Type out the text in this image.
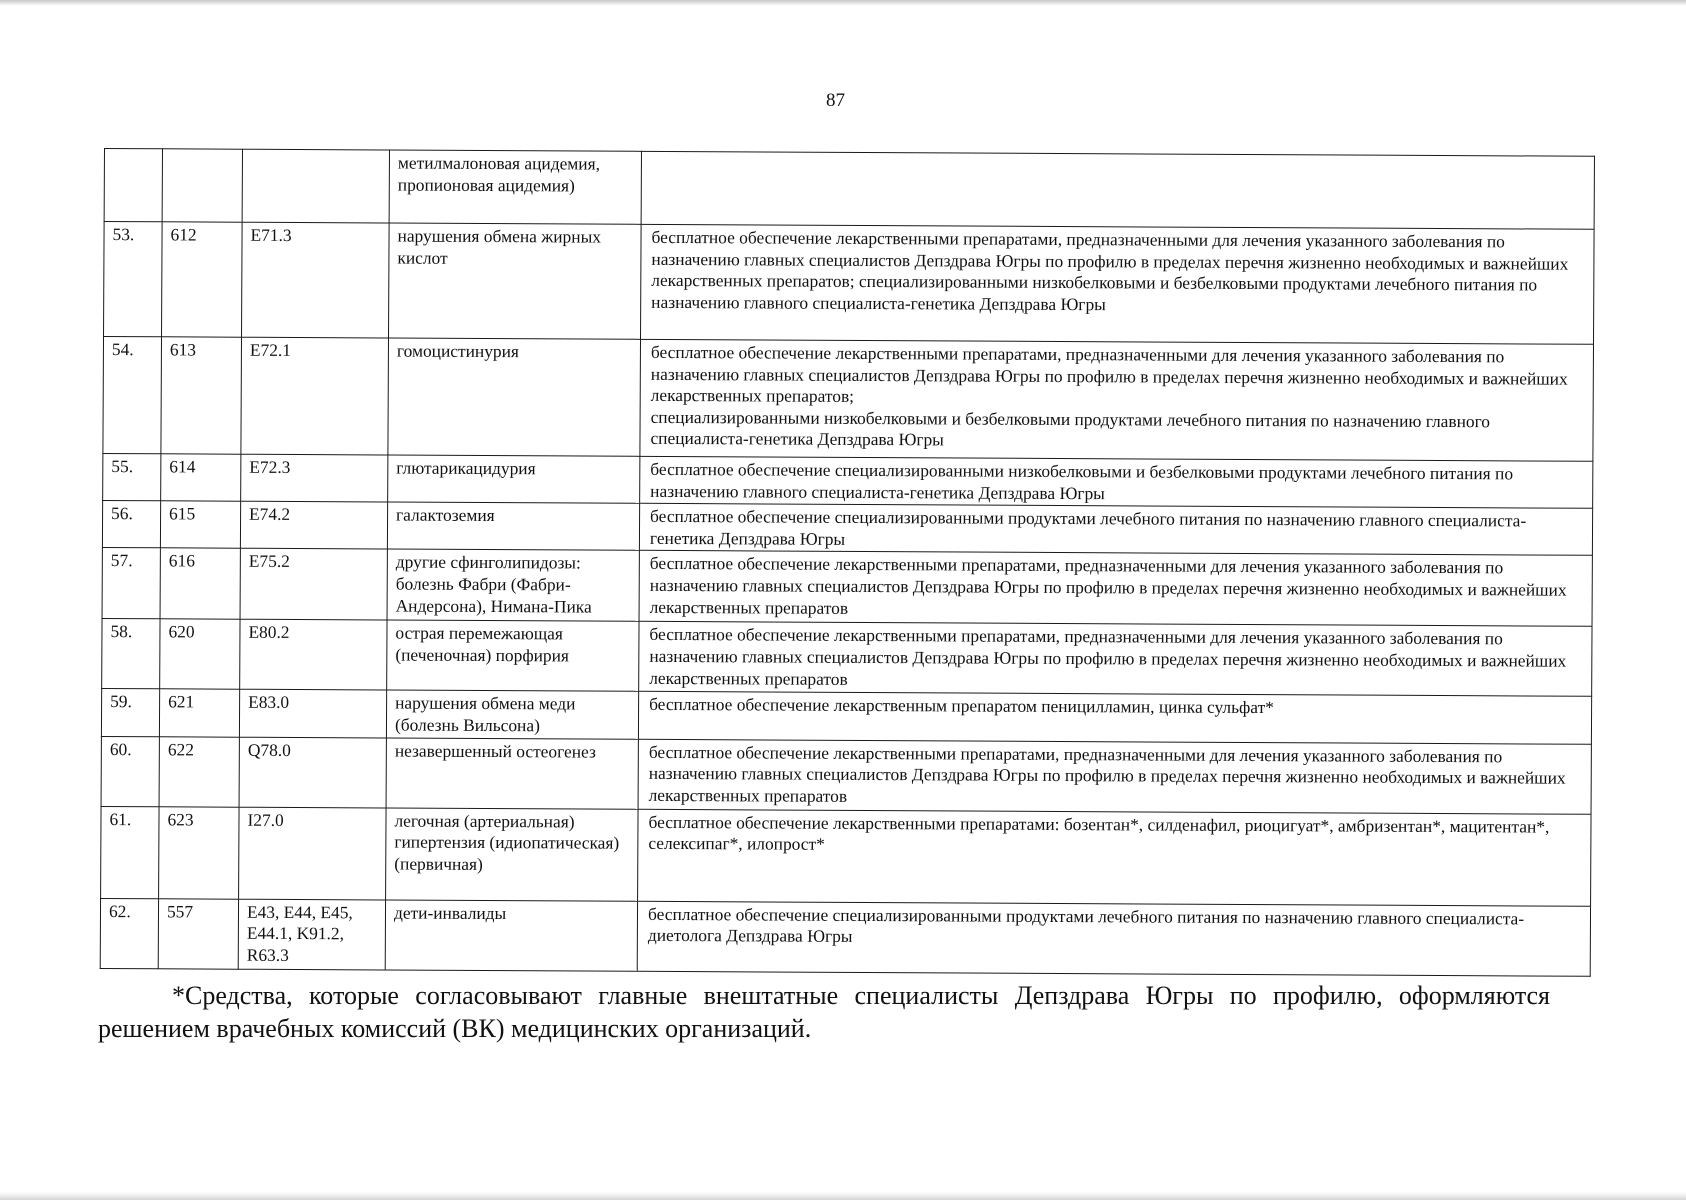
87
			метилмалоновая ацидемия, пропионовая ацидемия)	
53.	612	E71.3	нарушения обмена жирных кислот	бесплатное обеспечение лекарственными препаратами, предназначенными для лечения указанного заболевания по назначению главных специалистов Депздрава Югры по профилю в пределах перечня жизненно необходимых и важнейших лекарственных препаратов; специализированными низкобелковыми и безбелковыми продуктами лечебного питания по назначению главного специалиста-генетика Депздрава Югры
54.	613	E72.1	гомоцистинурия	бесплатное обеспечение лекарственными препаратами, предназначенными для лечения указанного заболевания по назначению главных специалистов Депздрава Югры по профилю в пределах перечня жизненно необходимых и важнейших лекарственных препаратов;
специализированными низкобелковыми и безбелковыми продуктами лечебного питания по назначению главного специалиста-генетика Депздрава Югры
55.	614	E72.3	глютарикацидурия	бесплатное обеспечение специализированными низкобелковыми и безбелковыми продуктами лечебного питания по назначению главного специалиста-генетика Депздрава Югры
56.	615	E74.2	галактоземия	бесплатное обеспечение специализированными продуктами лечебного питания по назначению главного специалиста-генетика Депздрава Югры
57.	616	E75.2	другие сфинголипидозы: болезнь Фабри (Фабри-Андерсона), Нимана-Пика	бесплатное обеспечение лекарственными препаратами, предназначенными для лечения указанного заболевания по назначению главных специалистов Депздрава Югры по профилю в пределах перечня жизненно необходимых и важнейших лекарственных препаратов
58.	620	E80.2	острая перемежающая (печеночная) порфирия	бесплатное обеспечение лекарственными препаратами, предназначенными для лечения указанного заболевания по назначению главных специалистов Депздрава Югры по профилю в пределах перечня жизненно необходимых и важнейших лекарственных препаратов
59.	621	E83.0	нарушения обмена меди (болезнь Вильсона)	бесплатное обеспечение лекарственным препаратом пеницилламин, цинка сульфат*
60.	622	Q78.0	незавершенный остеогенез	бесплатное обеспечение лекарственными препаратами, предназначенными для лечения указанного заболевания по назначению главных специалистов Депздрава Югры по профилю в пределах перечня жизненно необходимых и важнейших лекарственных препаратов
61.	623	I27.0	легочная (артериальная) гипертензия (идиопатическая) (первичная)	бесплатное обеспечение лекарственными препаратами: бозентан*, силденафил, риоцигуат*, амбризентан*, мацитентан*, селексипаг*, илопрост*
62.	557	E43, E44, E45, E44.1, K91.2, R63.3	дети-инвалиды	бесплатное обеспечение специализированными продуктами лечебного питания по назначению главного специалиста-диетолога Депздрава Югры
*Средства, которые согласовывают главные внештатные специалисты Депздрава Югры по профилю, оформляются решением врачебных комиссий (ВК) медицинских организаций.
